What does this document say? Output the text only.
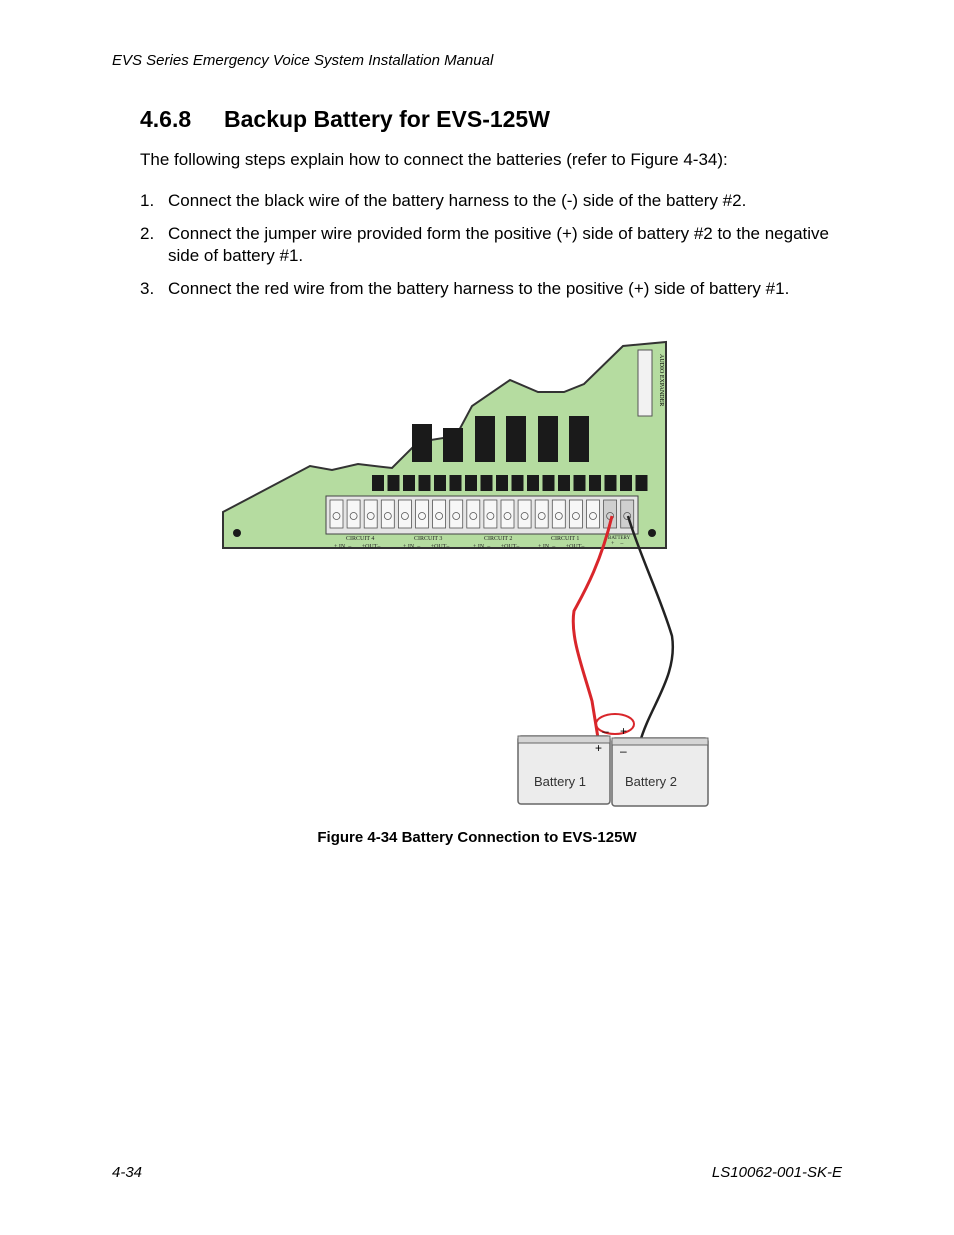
EVS Series Emergency Voice System Installation Manual
4.6.8 Backup Battery for EVS-125W

The following steps explain how to connect the batteries (refer to Figure 4-34):

1. Connect the black wire of the battery harness to the (-) side of the battery #2.
2. Connect the jumper wire provided form the positive (+) side of battery #2 to the negative side of battery #1.
3. Connect the red wire from the battery harness to the positive (+) side of battery #1.
AUDIO EXPANDER
CIRCUIT 4	CIRCUIT 3	CIRCUIT 2	CIRCUIT 1	BATTERY
+ IN  –       +OUT–	+ IN  –       +OUT–	+ IN  –       +OUT–	+ IN  –       +OUT–	+    –
Battery 1
–
+
Battery 2
+
–
Figure 4-34 Battery Connection to EVS-125W
4-34	LS10062-001-SK-E
